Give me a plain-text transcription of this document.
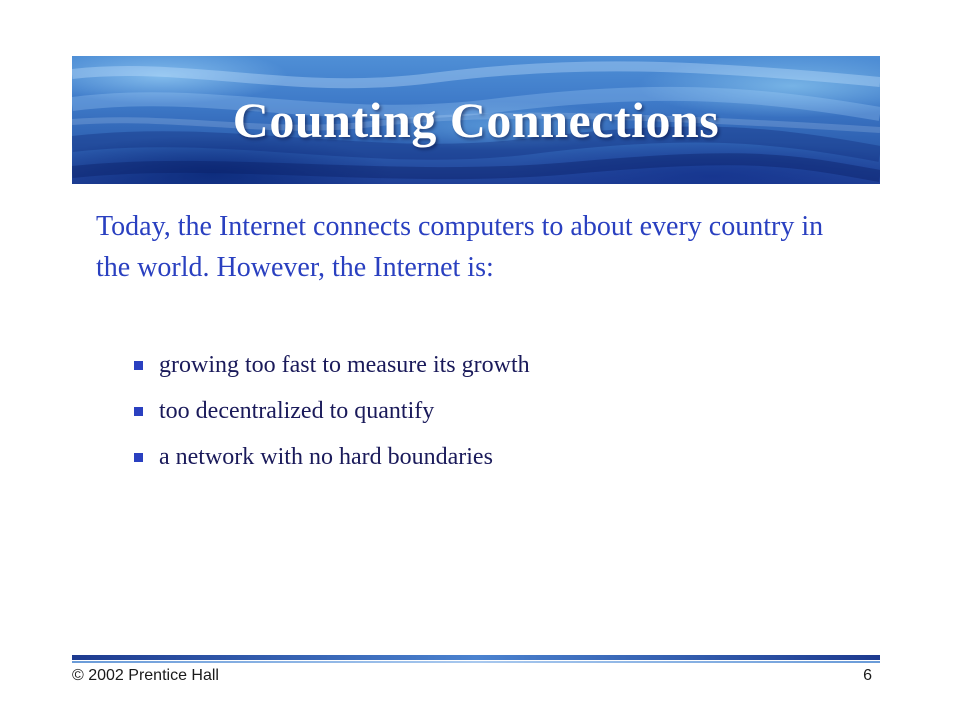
Counting Connections

Today, the Internet connects computers to about every country in the world. However, the Internet is:

growing too fast to measure its growth
too decentralized to quantify
a network with no hard boundaries
© 2002 Prentice Hall	6
